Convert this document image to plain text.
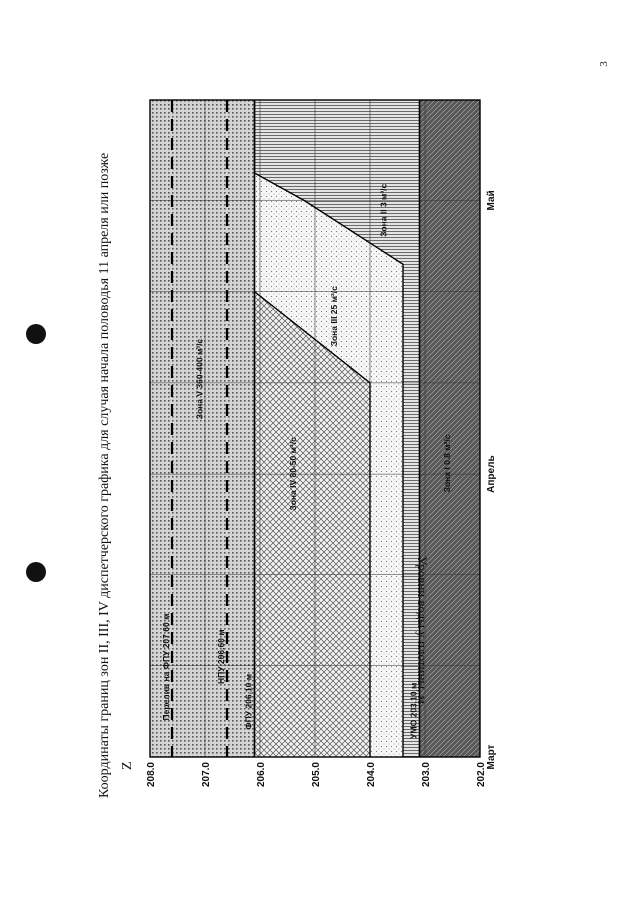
3
Координаты границ зон II, III, IV диспетчерского графика для случая начала половодья 11 апреля или позже Z
Уровни воды у плотины, м
Перелив на ФПУ 207.60 м	НПУ 206.60 м
ФПУ 206.10 м	УМО 203.10 м
Зона V 360-400 м³/с
Зона IV 80-50 м³/с
Зона III 25 м³/с
Зона II 3 м³/с
Зона I 0.8 м³/с
202.0
203.0
204.0
205.0
206.0
207.0
208.0
Март
Апрель
Май
